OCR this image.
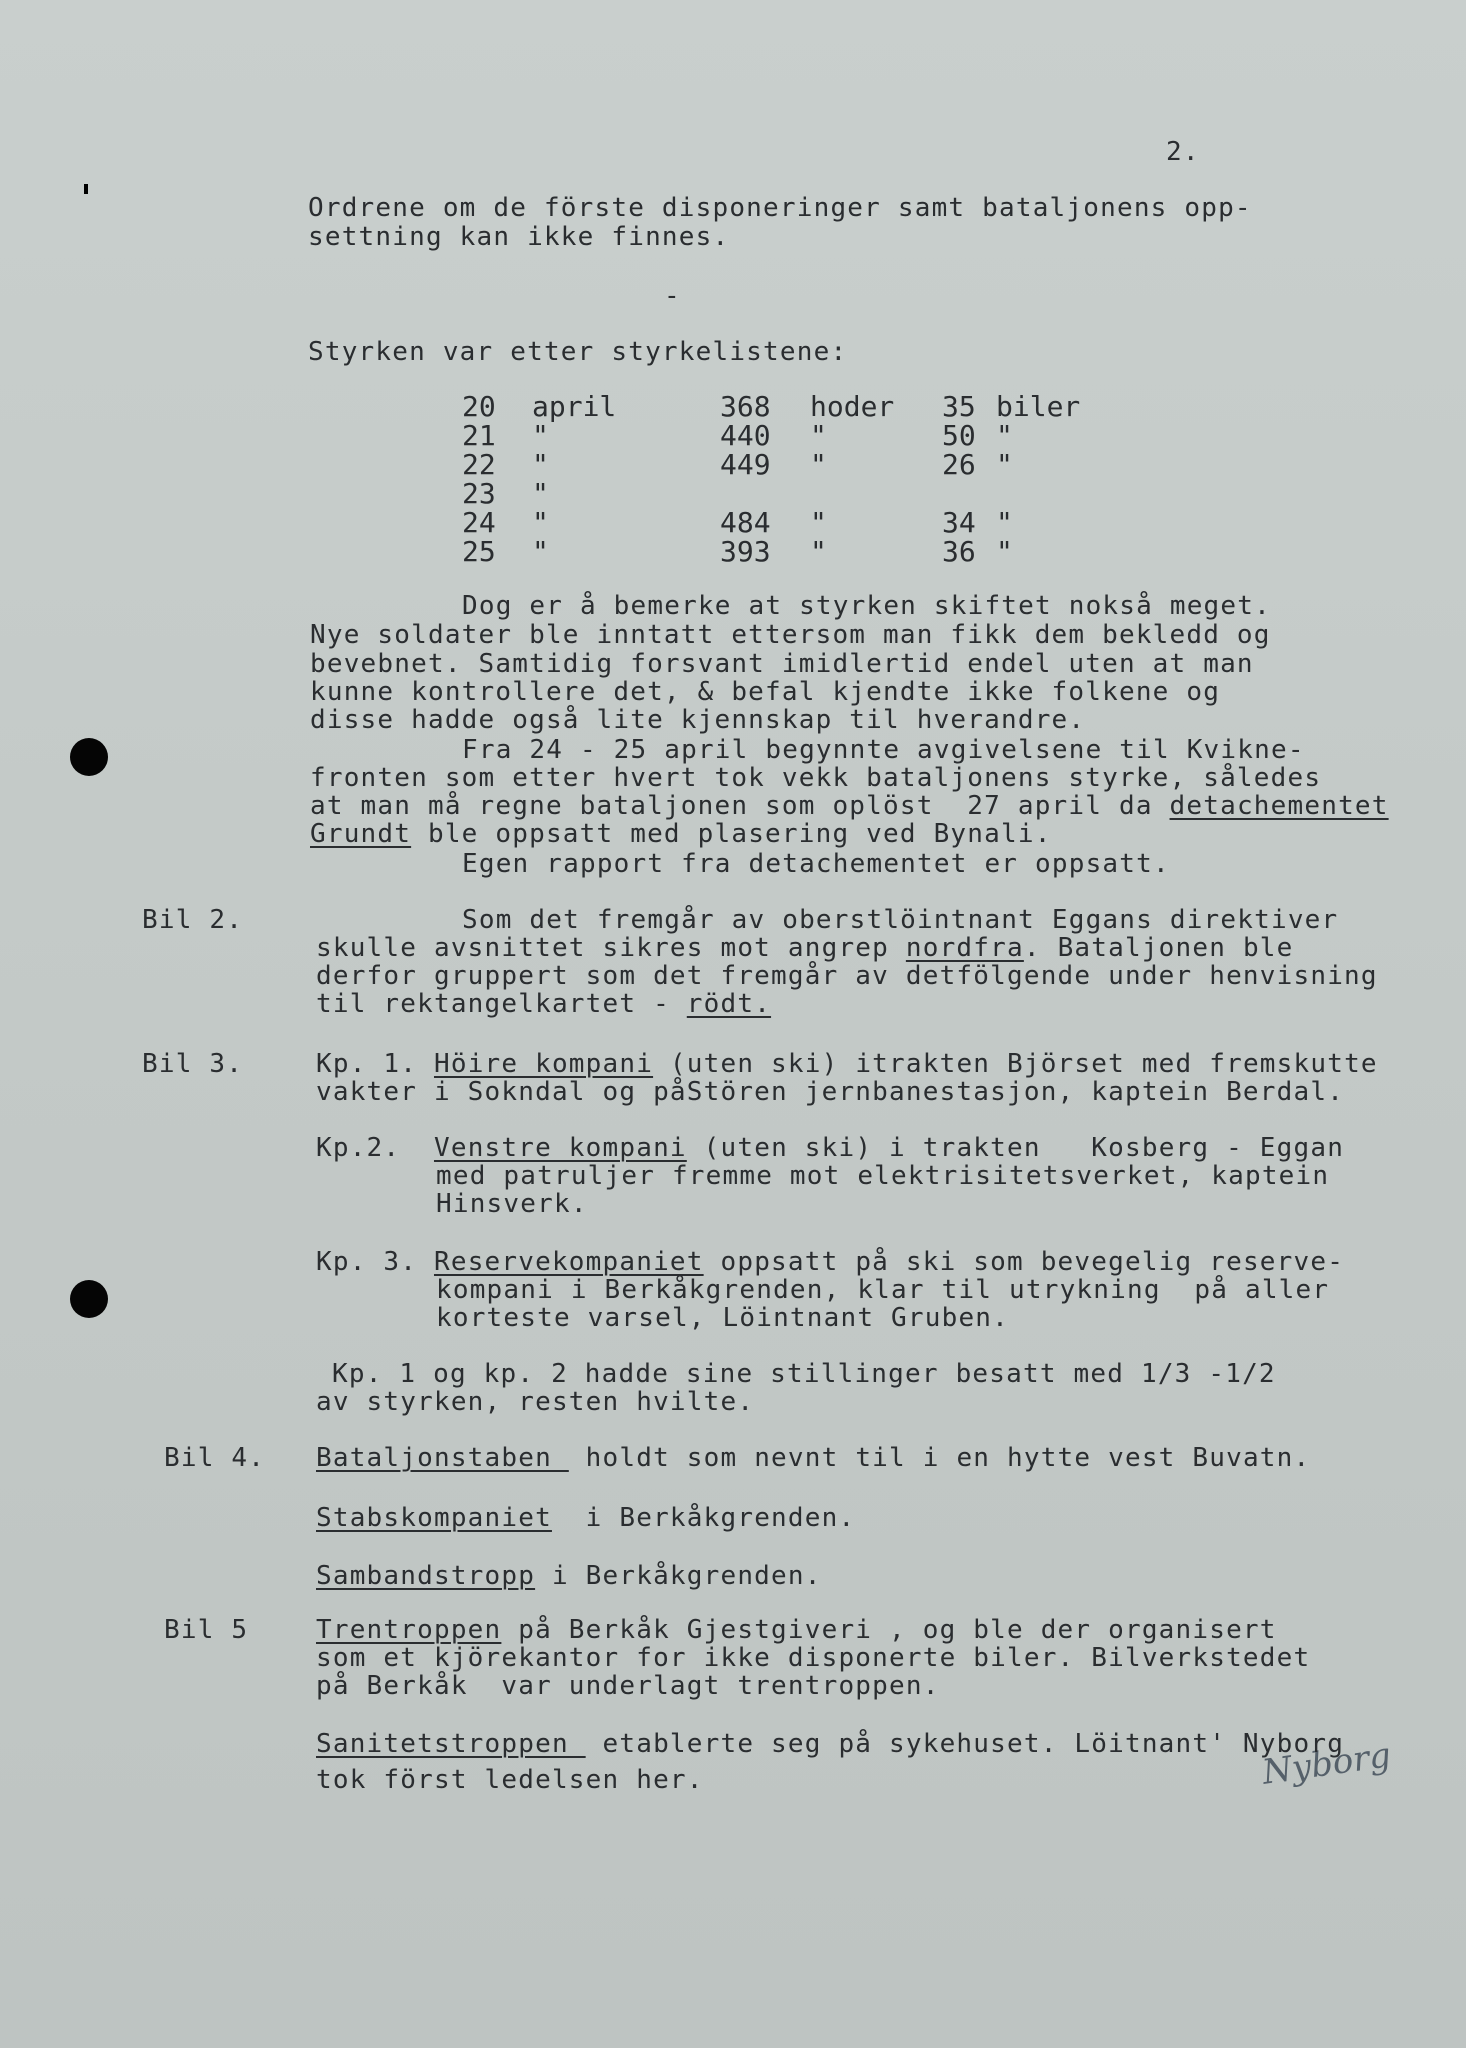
2.
Ordrene om de förste disponeringer samt bataljonens opp-
settning kan ikke finnes.
-
Styrken var etter styrkelistene:
20 april	368 hoder 35 biler
21 "	440 "	50 "
22 "	449 "	26 "
23 "
24 "	484 "	34 "
25 "	393 "	36 "
Dog er å bemerke at styrken skiftet nokså meget.
Nye soldater ble inntatt ettersom man fikk dem bekledd og
bevebnet. Samtidig forsvant imidlertid endel uten at man
kunne kontrollere det, & befal kjendte ikke folkene og
disse hadde også lite kjennskap til hverandre.
Fra 24 - 25 april begynnte avgivelsene til Kvikne-
fronten som etter hvert tok vekk bataljonens styrke, således
at man må regne bataljonen som oplöst  27 april da detachementet
Grundt ble oppsatt med plasering ved Bynali.
Egen rapport fra detachementet er oppsatt.
Bil 2.	Som det fremgår av oberstlöintnant Eggans direktiver
skulle avsnittet sikres mot angrep nordfra. Bataljonen ble
derfor gruppert som det fremgår av detfölgende under henvisning
til rektangelkartet - rödt.
Bil 3.	Kp. 1. Höire kompani (uten ski) itrakten Björset med fremskutte
vakter i Sokndal og påStören jernbanestasjon, kaptein Berdal.
Kp.2.  Venstre kompani (uten ski) i trakten   Kosberg - Eggan
med patruljer fremme mot elektrisitetsverket, kaptein
Hinsverk.
Kp. 3. Reservekompaniet oppsatt på ski som bevegelig reserve-
kompani i Berkåkgrenden, klar til utrykning  på aller
korteste varsel, Löintnant Gruben.
Kp. 1 og kp. 2 hadde sine stillinger besatt med 1/3 -1/2
av styrken, resten hvilte.
Bil 4. Bataljonstaben  holdt som nevnt til i en hytte vest Buvatn.
Stabskompaniet  i Berkåkgrenden.
Sambandstropp i Berkåkgrenden.
Bil 5	Trentroppen på Berkåk Gjestgiveri , og ble der organisert
som et kjörekantor for ikke disponerte biler. Bilverkstedet
på Berkåk  var underlagt trentroppen.
Nyborg
Sanitetstroppen  etablerte seg på sykehuset. Löitnant' Nyborg
tok först ledelsen her.
